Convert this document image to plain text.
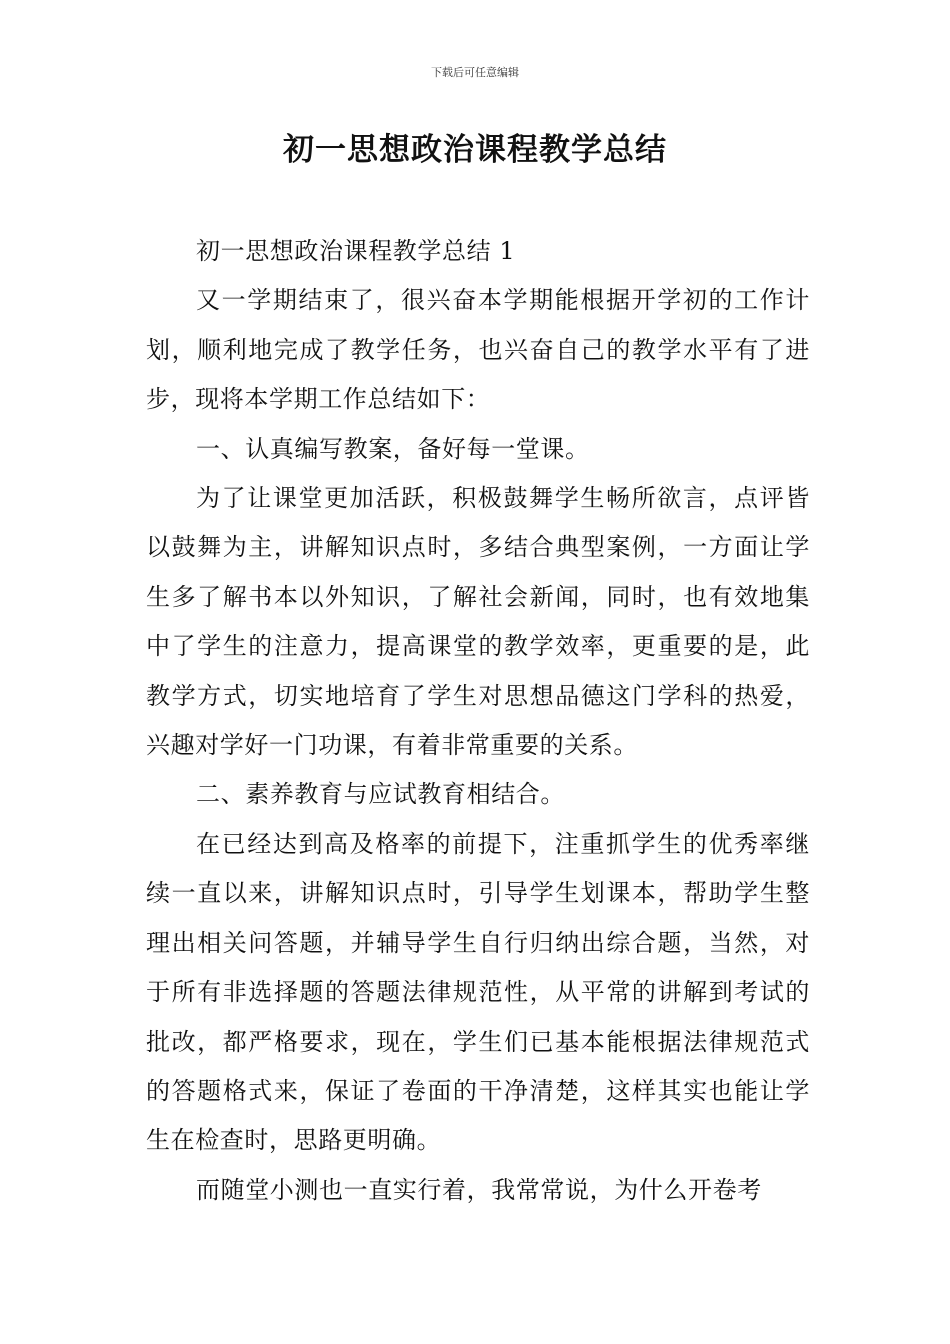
下载后可任意编辑
初一思想政治课程教学总结

初一思想政治课程教学总结 1

又一学期结束了，很兴奋本学期能根据开学初的工作计划，顺利地完成了教学任务，也兴奋自己的教学水平有了进步，现将本学期工作总结如下：

一、认真编写教案，备好每一堂课。

为了让课堂更加活跃，积极鼓舞学生畅所欲言，点评皆以鼓舞为主，讲解知识点时，多结合典型案例，一方面让学生多了解书本以外知识，了解社会新闻，同时，也有效地集中了学生的注意力，提高课堂的教学效率，更重要的是，此教学方式，切实地培育了学生对思想品德这门学科的热爱，兴趣对学好一门功课，有着非常重要的关系。

二、素养教育与应试教育相结合。

在已经达到高及格率的前提下，注重抓学生的优秀率继续一直以来，讲解知识点时，引导学生划课本，帮助学生整理出相关问答题，并辅导学生自行归纳出综合题，当然，对于所有非选择题的答题法律规范性，从平常的讲解到考试的批改，都严格要求，现在，学生们已基本能根据法律规范式的答题格式来，保证了卷面的干净清楚，这样其实也能让学生在检查时，思路更明确。

而随堂小测也一直实行着，我常常说，为什么开卷考
